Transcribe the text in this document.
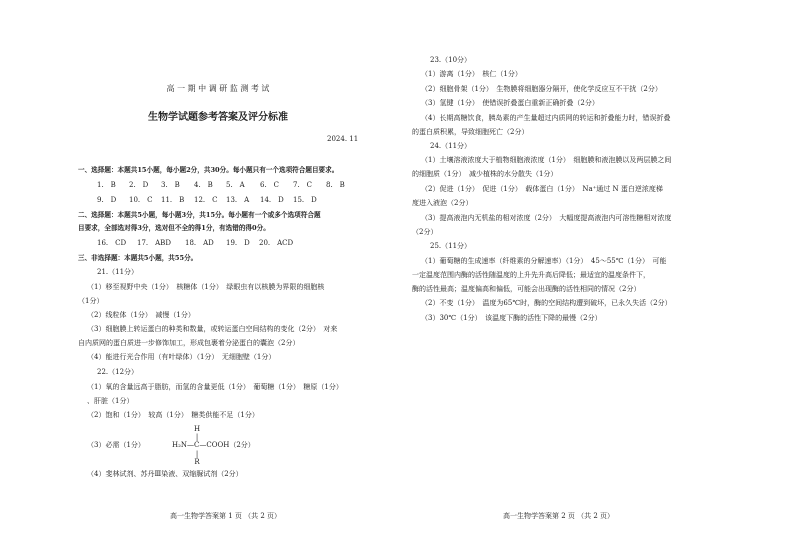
高 一 期 中 调 研 监 测 考 试
生物学试题参考答案及评分标准
2024. 11
一、选择题：本题共15小题，每小题2分，共30分。每小题只有一个选项符合题目要求。
1.　B 2.　D 3.　B 4.　B 5.　A 6.　C 7.　C 8.　B
9.　D 10.　C 11.　B 12.　C 13.　A 14.　D 15.　D
二、选择题：本题共5小题，每小题3分，共15分。每小题有一个或多个选项符合题
目要求，全部选对得3分，选对但不全的得1分，有选错的得0分。
16.　CD 17.　ABD 18.　AD 19.　D 20.　ACD
三、非选择题：本题共5小题，共55分。
21.（11分）
（1）移至视野中央（1分）　核糖体（1分）　绿眼虫有以核膜为界限的细胞核
（1分）
（2）线粒体（1分）　减慢（1分）
（3）细胞膜上转运蛋白的种类和数量，或转运蛋白空间结构的变化（2分）　对来
自内质网的蛋白质进一步修饰加工，形成包裹着分泌蛋白的囊泡（2分）
（4）能进行光合作用（有叶绿体）（1分）　无细胞壁（1分）
22.（12分）
（1）氧的含量远高于脂肪，而氢的含量更低（1分）　葡萄糖（1分）　糖原（1分）
、肝脏（1分）
（2）饱和（1分）　较高（1分）　糖类供能不足（1分）
（3）必需（1分）
H
|
H₂N—C—COOH（2分）
|
R
（4）斐林试剂、苏丹Ⅲ染液、双缩脲试剂（2分）
高一生物学答案第 1 页 （共 2 页）
23.（10分）
（1）游离（1分）　核仁（1分）
（2）细胞骨架（1分）　生物膜将细胞器分隔开，使化学反应互不干扰（2分）
（3）氢键（1分）　使错误折叠蛋白重新正确折叠（2分）
（4）长期高糖饮食，胰岛素的产生量超过内质网的转运和折叠能力时，错误折叠
的蛋白质积累，导致细胞死亡（2分）
24.（11分）
（1）土壤溶液浓度大于植物细胞液浓度（1分）　细胞膜和液泡膜以及两层膜之间
的细胞质（1分）　减少植株的水分散失（1分）
（2）促进（1分）　促进（1分）　载体蛋白（1分）　Na⁺通过 N 蛋白逆浓度梯
度进入液泡（2分）
（3）提高液泡内无机盐的相对浓度（2分）　大幅度提高液泡内可溶性糖相对浓度
（2分）
25.（11分）
（1）葡萄糖的生成速率（纤维素的分解速率）（1分）　45～55℃（1分）　可能
一定温度范围内酶的活性随温度的上升先升高后降低；最适宜的温度条件下，
酶的活性最高；温度偏高和偏低，可能会出现酶的活性相同的情况（2分）
（2）不变（1分）　温度为65℃时，酶的空间结构遭到破坏，已永久失活（2分）
（3）30℃（1分）　该温度下酶的活性下降的最慢（2分）
高一生物学答案第 2 页 （共 2 页）
